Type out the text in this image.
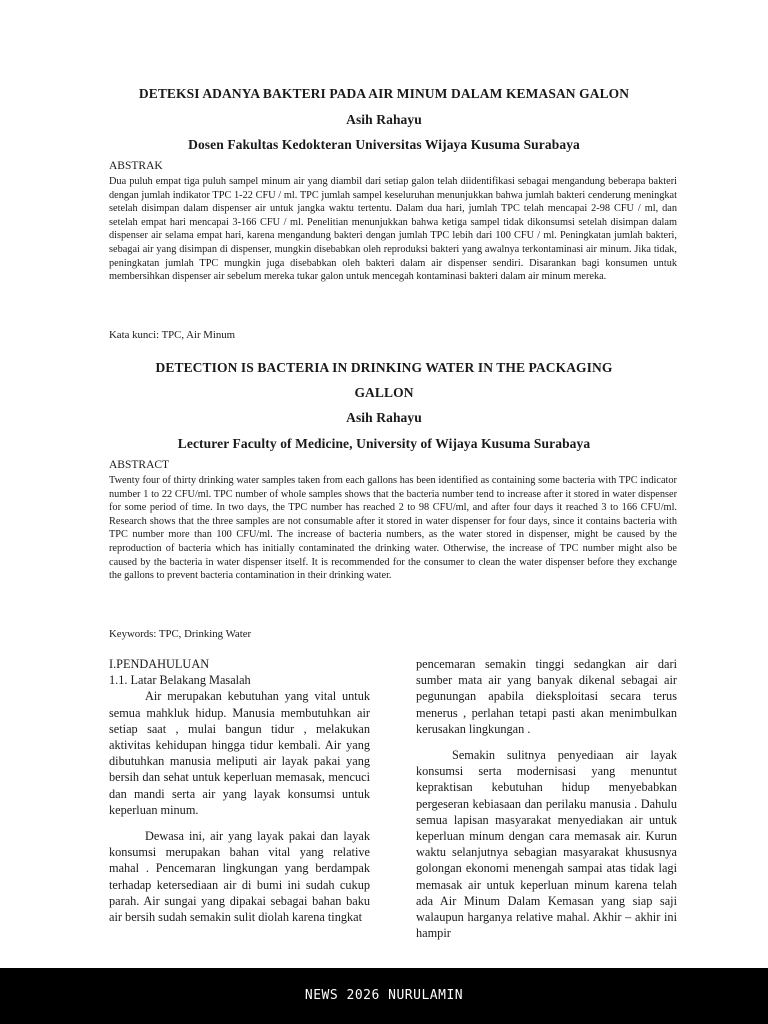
DETEKSI ADANYA BAKTERI PADA AIR MINUM DALAM KEMASAN GALON
Asih Rahayu
Dosen Fakultas Kedokteran Universitas Wijaya Kusuma Surabaya
ABSTRAK

Dua puluh empat tiga puluh sampel minum air yang diambil dari setiap galon telah diidentifikasi sebagai mengandung beberapa bakteri dengan jumlah indikator TPC 1-22 CFU / ml. TPC jumlah sampel keseluruhan menunjukkan bahwa jumlah bakteri cenderung meningkat setelah disimpan dalam dispenser air untuk jangka waktu tertentu. Dalam dua hari, jumlah TPC telah mencapai 2-98 CFU / ml, dan setelah empat hari mencapai 3-166 CFU / ml. Penelitian menunjukkan bahwa ketiga sampel tidak dikonsumsi setelah disimpan dalam dispenser air selama empat hari, karena mengandung bakteri dengan jumlah TPC lebih dari 100 CFU / ml. Peningkatan jumlah bakteri, sebagai air yang disimpan di dispenser, mungkin disebabkan oleh reproduksi bakteri yang awalnya terkontaminasi air minum. Jika tidak, peningkatan jumlah TPC mungkin juga disebabkan oleh bakteri dalam air dispenser sendiri. Disarankan bagi konsumen untuk membersihkan dispenser air sebelum mereka tukar galon untuk mencegah kontaminasi bakteri dalam air minum mereka.

Kata kunci: TPC, Air Minum
DETECTION IS BACTERIA IN DRINKING WATER IN THE PACKAGING
GALLON
Asih Rahayu
Lecturer Faculty of Medicine, University of Wijaya Kusuma Surabaya
ABSTRACT

Twenty four of thirty drinking water samples taken from each gallons has been identified as containing some bacteria with TPC indicator number 1 to 22 CFU/ml. TPC number of whole samples shows that the bacteria number tend to increase after it stored in water dispenser for some period of time. In two days, the TPC number has reached 2 to 98 CFU/ml, and after four days it reached 3 to 166 CFU/ml. Research shows that the three samples are not consumable after it stored in water dispenser for four days, since it contains bacteria with TPC number more than 100 CFU/ml. The increase of bacteria numbers, as the water stored in dispenser, might be caused by the reproduction of bacteria which has initially contaminated the drinking water. Otherwise, the increase of TPC number might also be caused by the bacteria in water dispenser itself. It is recommended for the consumer to clean the water dispenser before they exchange the gallons to prevent bacteria contamination in their drinking water.

Keywords: TPC, Drinking Water
I.PENDAHULUAN
1.1. Latar Belakang Masalah

Air merupakan kebutuhan yang vital untuk semua mahkluk hidup. Manusia membutuhkan air setiap saat , mulai bangun tidur , melakukan aktivitas kehidupan hingga tidur kembali. Air yang dibutuhkan manusia meliputi air layak pakai yang bersih dan sehat untuk keperluan memasak, mencuci dan mandi serta air yang layak konsumsi untuk keperluan minum.

Dewasa ini, air yang layak pakai dan layak konsumsi merupakan bahan vital yang relative mahal . Pencemaran lingkungan yang berdampak terhadap ketersediaan air di bumi ini sudah cukup parah. Air sungai yang dipakai sebagai bahan baku air bersih sudah semakin sulit diolah karena tingkat

pencemaran semakin tinggi sedangkan air dari sumber mata air yang banyak dikenal sebagai air pegunungan apabila dieksploitasi secara terus menerus , perlahan tetapi pasti akan menimbulkan kerusakan lingkungan .

Semakin sulitnya penyediaan air layak konsumsi serta modernisasi yang menuntut kepraktisan kebutuhan hidup menyebabkan pergeseran kebiasaan dan perilaku manusia . Dahulu semua lapisan masyarakat menyediakan air untuk keperluan minum dengan cara memasak air. Kurun waktu selanjutnya sebagian masyarakat khususnya golongan ekonomi menengah sampai atas tidak lagi memasak air untuk keperluan minum karena telah ada Air Minum Dalam Kemasan yang siap saji walaupun harganya relative mahal. Akhir – akhir ini hampir

NEWS 2026 NURULAMIN
